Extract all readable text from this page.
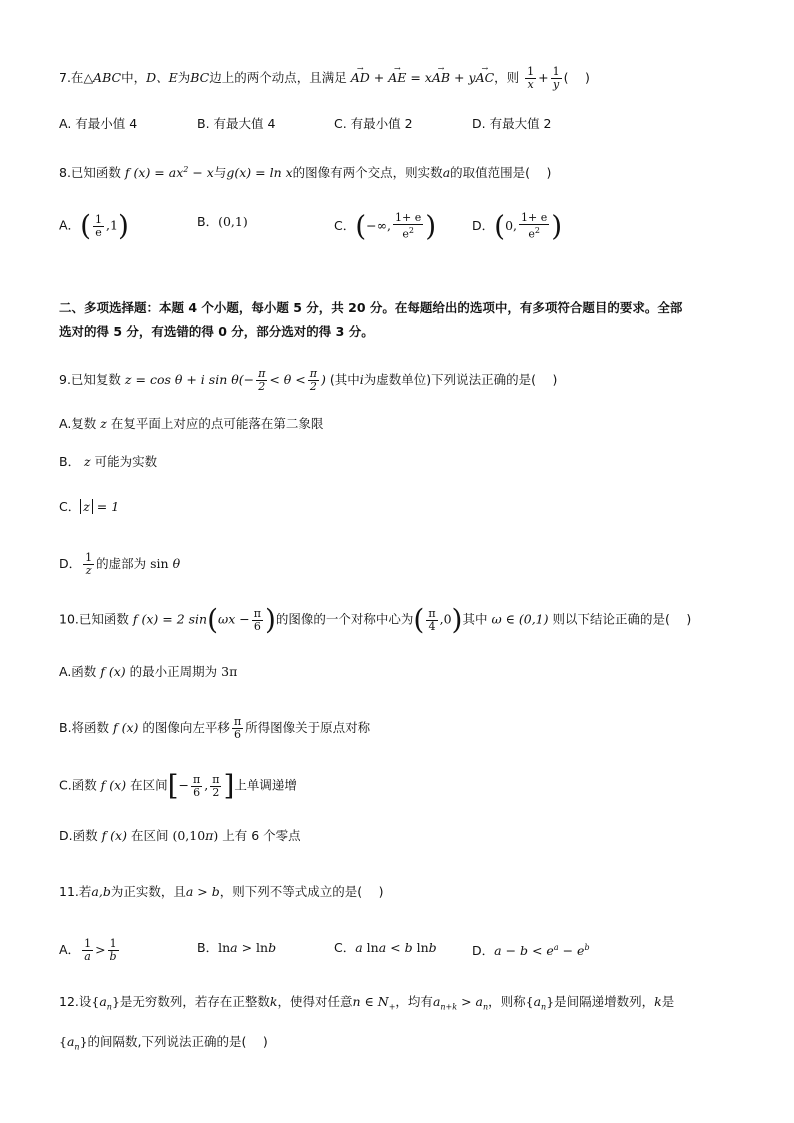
7.在△ABC中，D、E为BC边上的两个动点，且满足 → AD + → AE = x→ AB + y→ AC，则 $\frac{1}{x} + \frac{1}{y}$ (　 )
A. 有最小值 4	B. 有最大值 4	C. 有最小值 2	D. 有最大值 2
8.已知函数 f $(x) = ax^2 - x$与g(x) = ln x的图像有两个交点，则实数a的取值范围是(　 )
A．( $\frac{1}{e} ,1$)	B．(0,1)	C．(−∞, $\frac{1+ e}{e^2}$ )	D．(0, $\frac{1+ e}{e^2}$ )
二、多项选择题：本题 4 个小题，每小题 5 分，共 20 分。在每题给出的选项中，有多项符合题目的要求。全部
选对的得 5 分，有选错的得 0 分，部分选对的得 3 分。
9.已知复数 z = cos θ + i $\sin \theta(- \frac{\pi}{2} < \theta < \frac{\pi}{2}$ ) (其中i为虚数单位)下列说法正确的是(　 )
A.复数 z 在复平面上对应的点可能落在第二象限
B． z 可能为实数
C． z = 1
D． $\frac{1}{z}$ 的虚部为 sin θ
10.已知函数 f (x) = 2 $\sin(\omega x - \frac{\pi}{6}$ )的图像的一个对称中心为( $\frac{\pi}{4} ,0$)其中 ω ∈ (0,1) 则以下结论正确的是(　 )
A.函数 f (x) 的最小正周期为 3π
B.将函数 f (x) 的图像向左平移 $\frac{\pi}{6}$ 所得图像关于原点对称
C.函数 f (x) 在区间[− $\frac{\pi}{6}$ , $\frac{\pi}{2}$ ]上单调递增
D.函数 f (x) 在区间 (0,10π) 上有 6 个零点
11.若a,b为正实数，且a > b，则下列不等式成立的是(　 )
A． $\frac{1}{a} > \frac{1}{b}$	B．lna > lnb	C．a lna < b lnb	D．$a - b < e^a - e^b$
12.设$\{a_n\}$是无穷数列，若存在正整数k，使得对任意n ∈ $N_+$，均有$a_{n+k} > a_n$，则称$\{a_n\}$是间隔递增数列，k是
$\{a_n\}$的间隔数,下列说法正确的是(　 )
